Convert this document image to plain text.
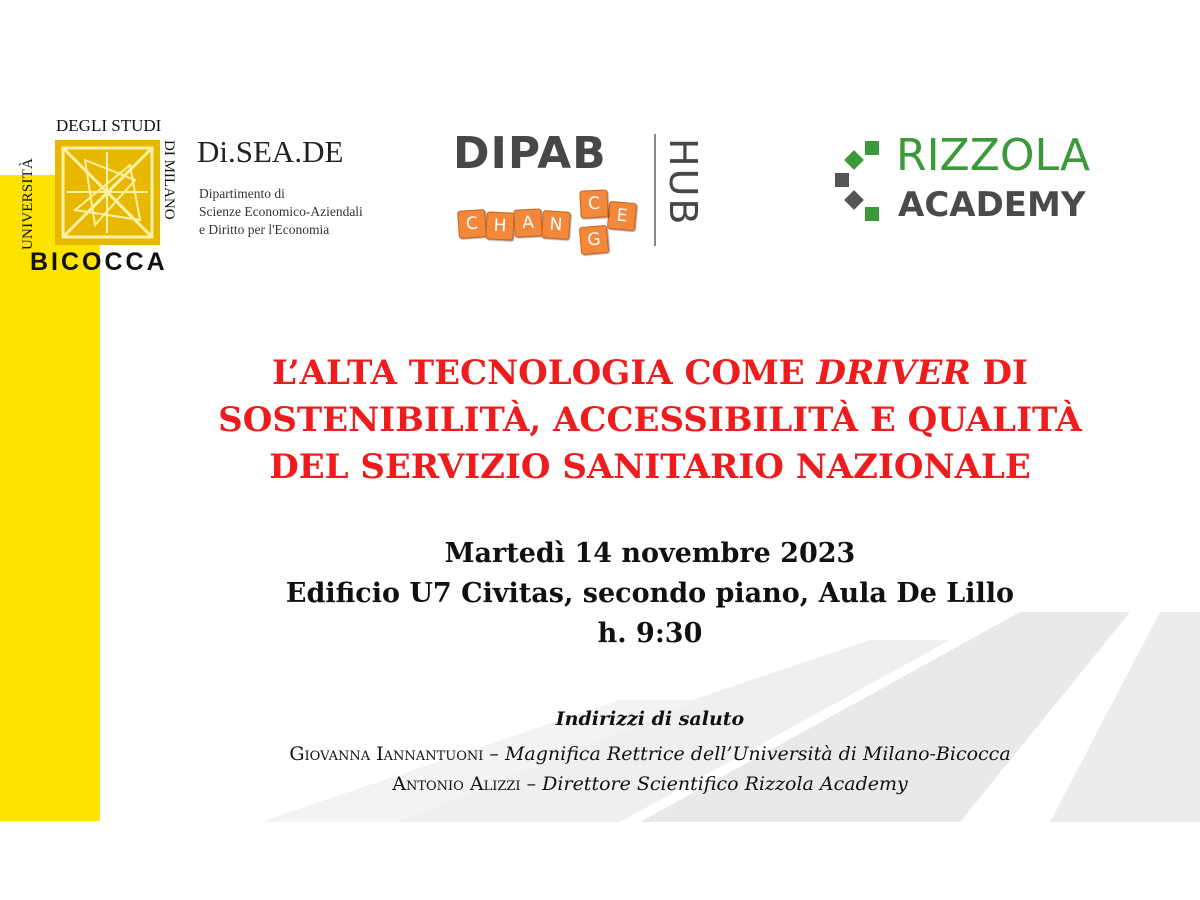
UNIVERSITÀ
DEGLI STUDI
DI MILANO
BICOCCA
Di.SEA.DE
Dipartimento di
Scienze Economico-Aziendali
e Diritto per l'Economia
DIPAB
C H A N
G
E
C HUB	RIZZOLA
ACADEMY
L’ALTA TECNOLOGIA COME DRIVER DI
SOSTENIBILITÀ, ACCESSIBILITÀ E QUALITÀ
DEL SERVIZIO SANITARIO NAZIONALE
Martedì 14 novembre 2023
Edificio U7 Civitas, secondo piano, Aula De Lillo
h. 9:30
Indirizzi di saluto
Giovanna Iannantuoni – Magnifica Rettrice dell’Università di Milano-Bicocca
Antonio Alizzi – Direttore Scientifico Rizzola Academy
